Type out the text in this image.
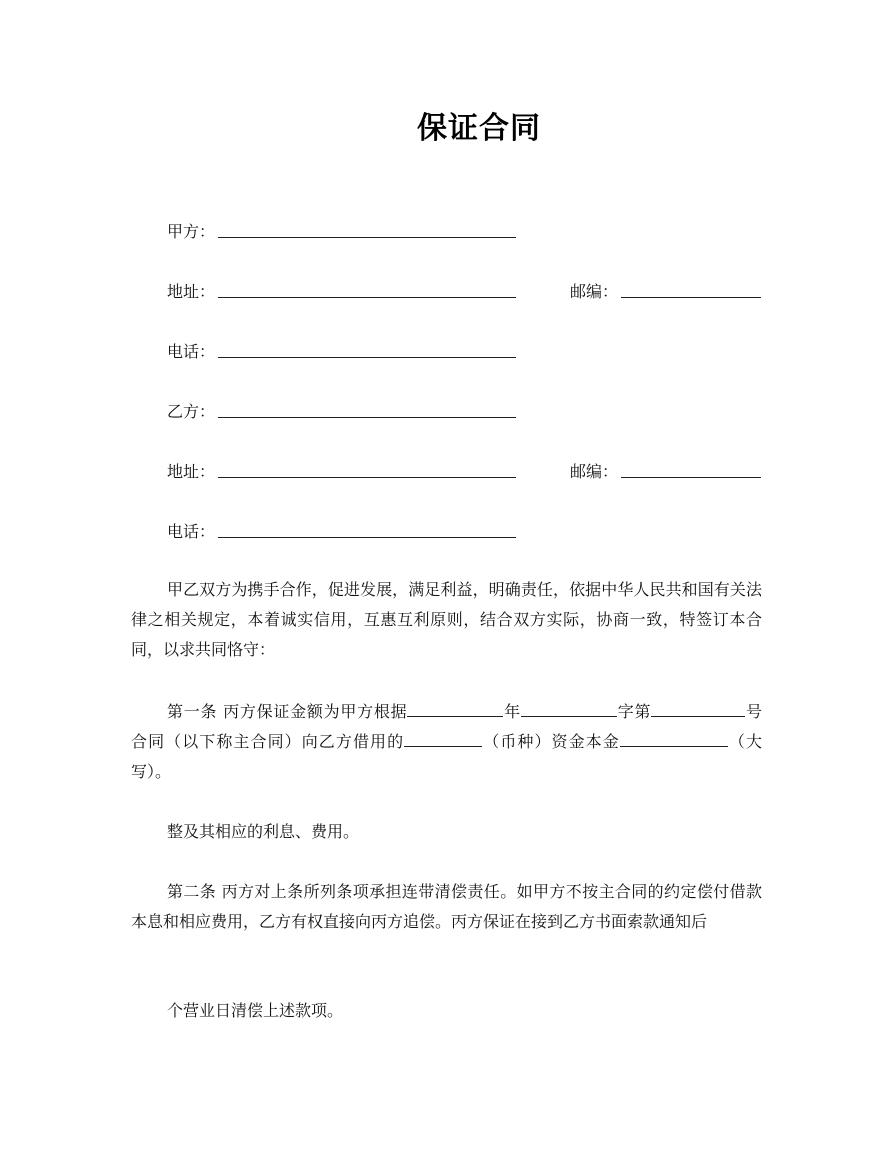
保证合同
甲方：
地址：	邮编：
电话：
乙方：
地址：	邮编：
电话：

甲乙双方为携手合作，促进发展，满足利益，明确责任，依据中华人民共和国有关法律之相关规定，本着诚实信用，互惠互利原则，结合双方实际，协商一致，特签订本合同，以求共同恪守：

第一条 丙方保证金额为甲方根据	年	字第	号合同（以下称主合同）向乙方借用的	（币种）资金本金	（大写）。

整及其相应的利息、费用。

第二条 丙方对上条所列条项承担连带清偿责任。如甲方不按主合同的约定偿付借款本息和相应费用，乙方有权直接向丙方追偿。丙方保证在接到乙方书面索款通知后

个营业日清偿上述款项。
